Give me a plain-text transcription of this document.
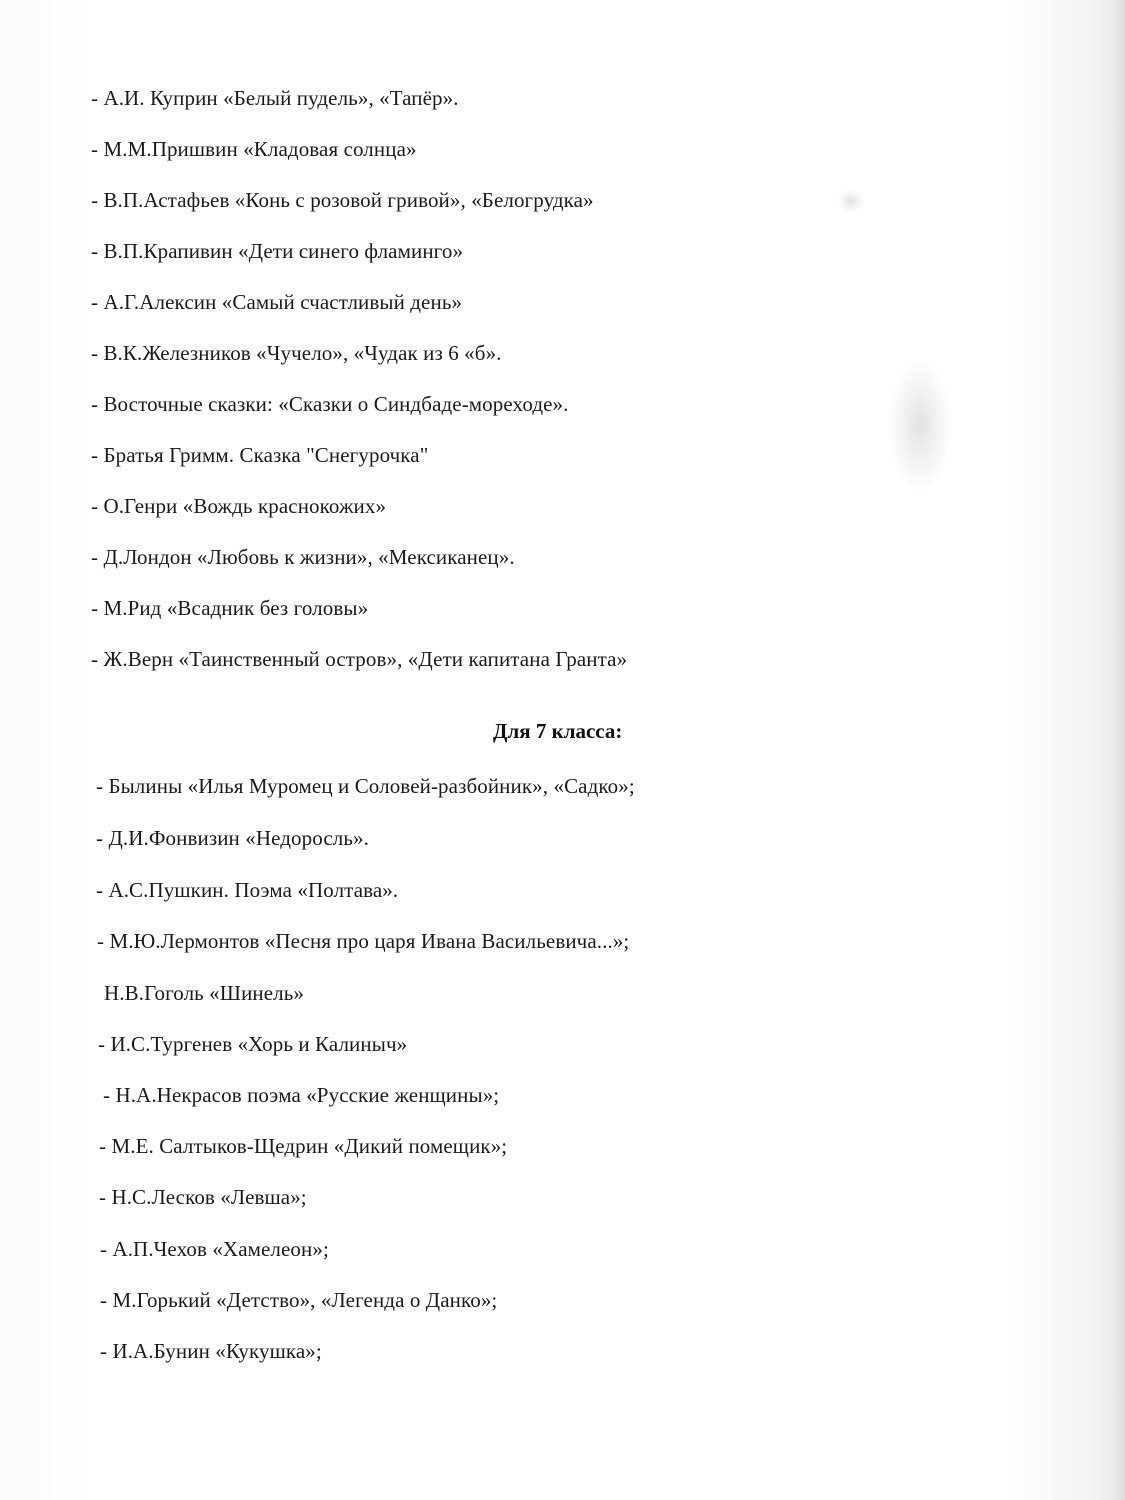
- А.И. Куприн «Белый пудель», «Тапёр».
- М.М.Пришвин «Кладовая солнца»
- В.П.Астафьев «Конь с розовой гривой», «Белогрудка»
- В.П.Крапивин «Дети синего фламинго»
- А.Г.Алексин «Самый счастливый день»
- В.К.Железников «Чучело», «Чудак из 6 «б».
- Восточные сказки: «Сказки о Синдбаде-мореходе».
- Братья Гримм. Сказка "Снегурочка"
- О.Генри «Вождь краснокожих»
- Д.Лондон «Любовь к жизни», «Мексиканец».
- М.Рид «Всадник без головы»
- Ж.Верн «Таинственный остров», «Дети капитана Гранта»
Для 7 класса:
- Былины «Илья Муромец и Соловей-разбойник», «Садко»;
- Д.И.Фонвизин «Недоросль».
- А.С.Пушкин. Поэма «Полтава».
- М.Ю.Лермонтов «Песня про царя Ивана Васильевича...»;
Н.В.Гоголь «Шинель»
- И.С.Тургенев «Хорь и Калиныч»
- Н.А.Некрасов поэма «Русские женщины»;
- М.Е. Салтыков-Щедрин «Дикий помещик»;
- Н.С.Лесков «Левша»;
- А.П.Чехов «Хамелеон»;
- М.Горький «Детство», «Легенда о Данко»;
- И.А.Бунин «Кукушка»;
